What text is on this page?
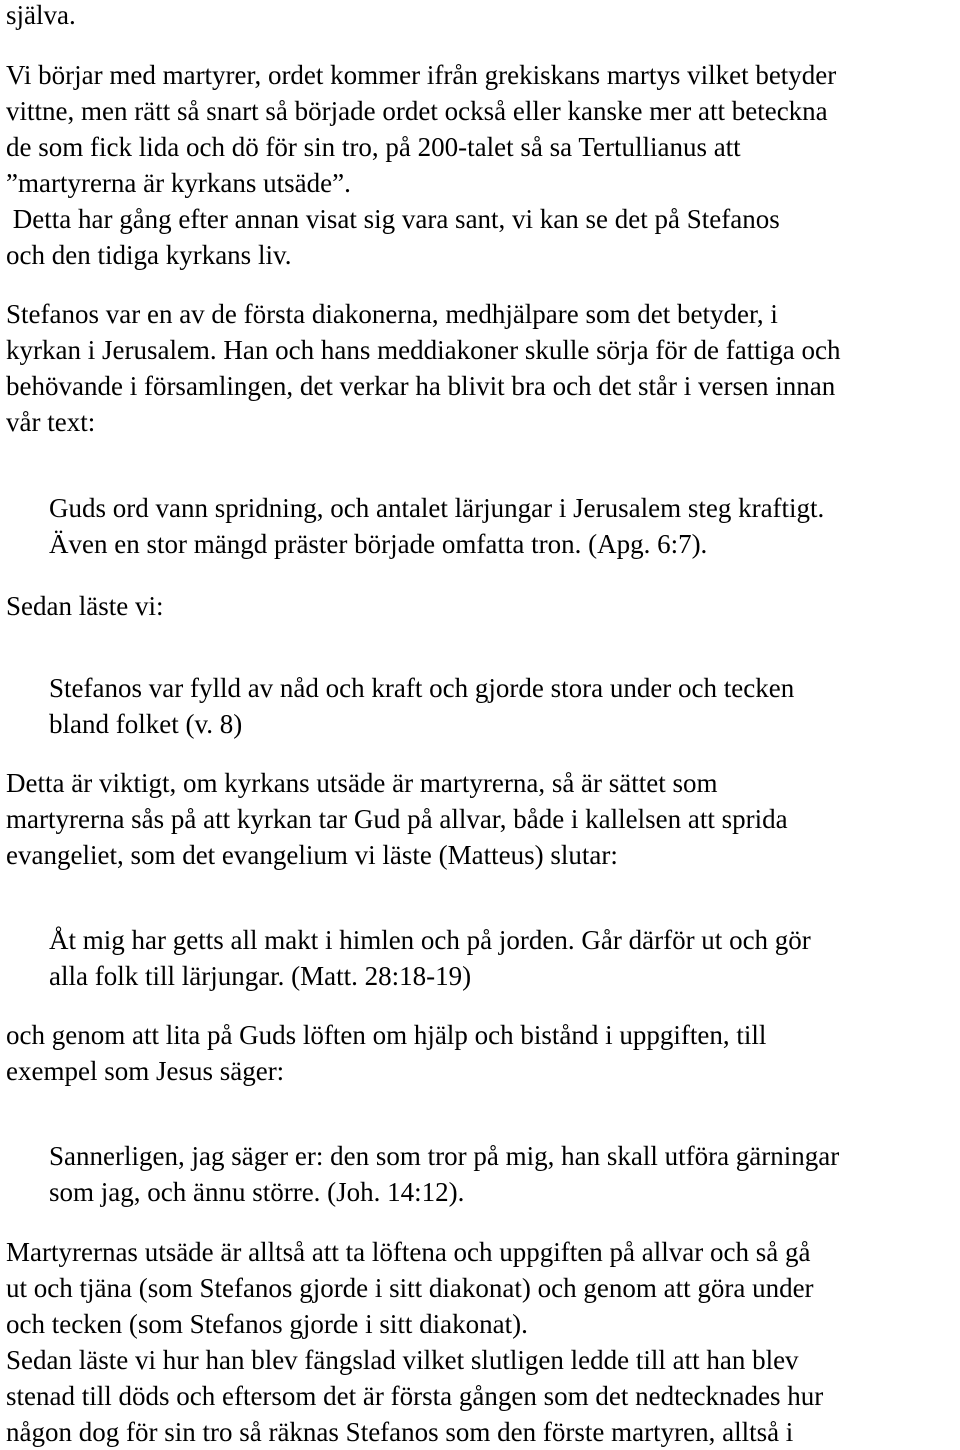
själva.
Vi börjar med martyrer, ordet kommer ifrån grekiskans martys vilket betyder
vittne, men rätt så snart så började ordet också eller kanske mer att beteckna
de som fick lida och dö för sin tro, på 200-talet så sa Tertullianus att
”martyrerna är kyrkans utsäde”.
Detta har gång efter annan visat sig vara sant, vi kan se det på Stefanos
och den tidiga kyrkans liv.
Stefanos var en av de första diakonerna, medhjälpare som det betyder, i
kyrkan i Jerusalem. Han och hans meddiakoner skulle sörja för de fattiga och
behövande i församlingen, det verkar ha blivit bra och det står i versen innan
vår text:
Guds ord vann spridning, och antalet lärjungar i Jerusalem steg kraftigt.
Även en stor mängd präster började omfatta tron. (Apg. 6:7).
Sedan läste vi:
Stefanos var fylld av nåd och kraft och gjorde stora under och tecken
bland folket (v. 8)
Detta är viktigt, om kyrkans utsäde är martyrerna, så är sättet som
martyrerna sås på att kyrkan tar Gud på allvar, både i kallelsen att sprida
evangeliet, som det evangelium vi läste (Matteus) slutar:
Åt mig har getts all makt i himlen och på jorden. Går därför ut och gör
alla folk till lärjungar. (Matt. 28:18-19)
och genom att lita på Guds löften om hjälp och bistånd i uppgiften, till
exempel som Jesus säger:
Sannerligen, jag säger er: den som tror på mig, han skall utföra gärningar
som jag, och ännu större. (Joh. 14:12).
Martyrernas utsäde är alltså att ta löftena och uppgiften på allvar och så gå
ut och tjäna (som Stefanos gjorde i sitt diakonat) och genom att göra under
och tecken (som Stefanos gjorde i sitt diakonat).
Sedan läste vi hur han blev fängslad vilket slutligen ledde till att han blev
stenad till döds och eftersom det är första gången som det nedtecknades hur
någon dog för sin tro så räknas Stefanos som den förste martyren, alltså i
